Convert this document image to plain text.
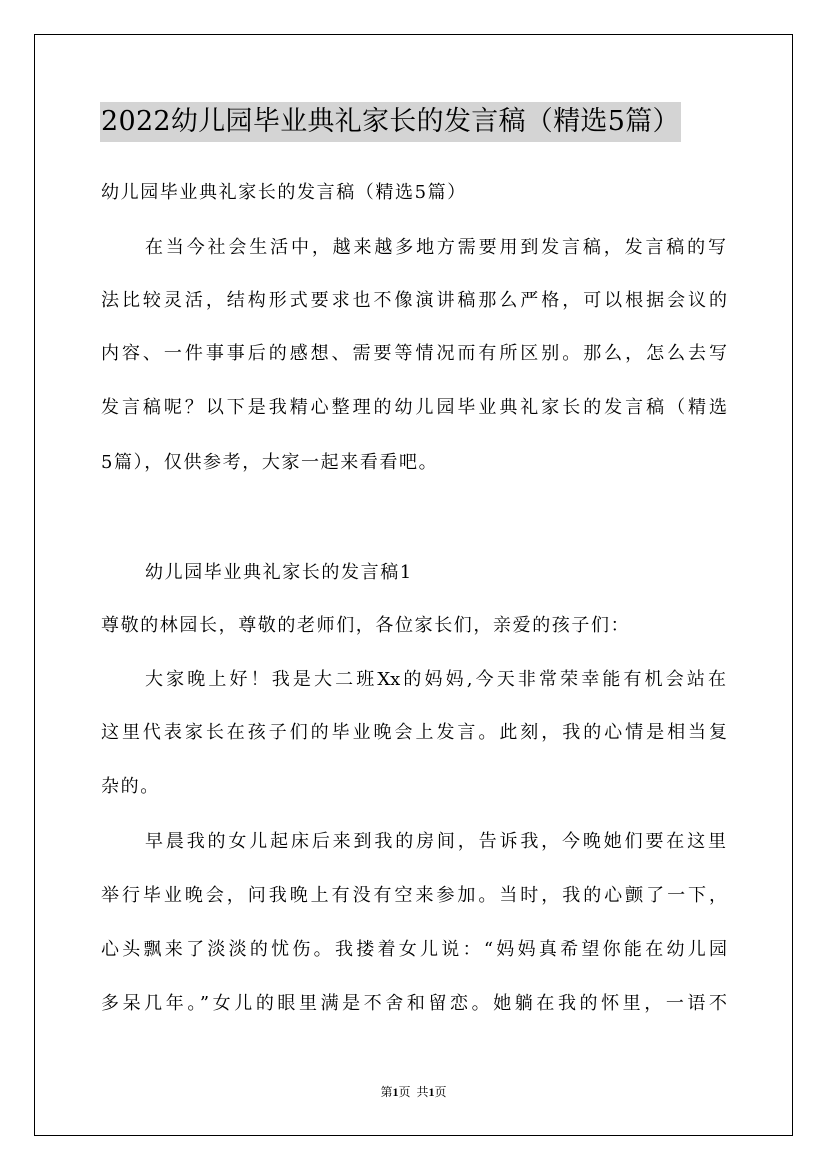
2022幼儿园毕业典礼家长的发言稿（精选5篇）
幼儿园毕业典礼家长的发言稿（精选5篇）
在当今社会生活中，越来越多地方需要用到发言稿，发言稿的写
法比较灵活，结构形式要求也不像演讲稿那么严格，可以根据会议的
内容、一件事事后的感想、需要等情况而有所区别。那么，怎么去写
发言稿呢？以下是我精心整理的幼儿园毕业典礼家长的发言稿（精选
5篇），仅供参考，大家一起来看看吧。
幼儿园毕业典礼家长的发言稿1
尊敬的林园长，尊敬的老师们，各位家长们，亲爱的孩子们：
大家晚上好！我是大二班Xx的妈妈,今天非常荣幸能有机会站在
这里代表家长在孩子们的毕业晚会上发言。此刻，我的心情是相当复
杂的。
早晨我的女儿起床后来到我的房间，告诉我，今晚她们要在这里
举行毕业晚会，问我晚上有没有空来参加。当时，我的心颤了一下，
心头飘来了淡淡的忧伤。我搂着女儿说：“妈妈真希望你能在幼儿园
多呆几年。”女儿的眼里满是不舍和留恋。她躺在我的怀里，一语不
第1页 共1页
